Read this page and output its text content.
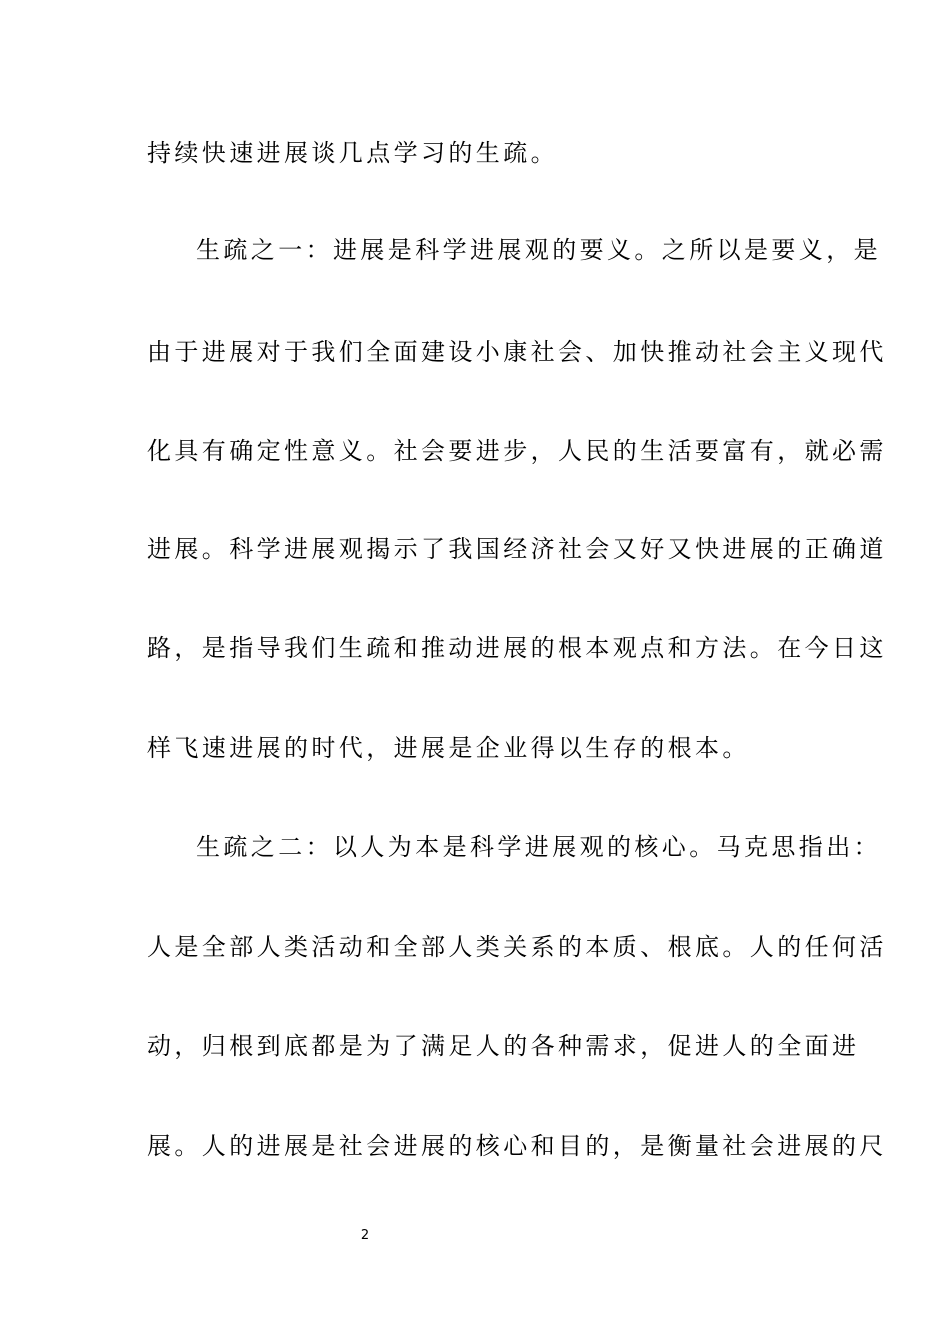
持续快速进展谈几点学习的生疏。
生疏之一：进展是科学进展观的要义。之所以是要义，是
由于进展对于我们全面建设小康社会、加快推动社会主义现代
化具有确定性意义。社会要进步，人民的生活要富有，就必需
进展。科学进展观揭示了我国经济社会又好又快进展的正确道
路，是指导我们生疏和推动进展的根本观点和方法。在今日这
样飞速进展的时代，进展是企业得以生存的根本。
生疏之二：以人为本是科学进展观的核心。马克思指出：
人是全部人类活动和全部人类关系的本质、根底。人的任何活
动，归根到底都是为了满足人的各种需求，促进人的全面进
展。人的进展是社会进展的核心和目的，是衡量社会进展的尺
2
